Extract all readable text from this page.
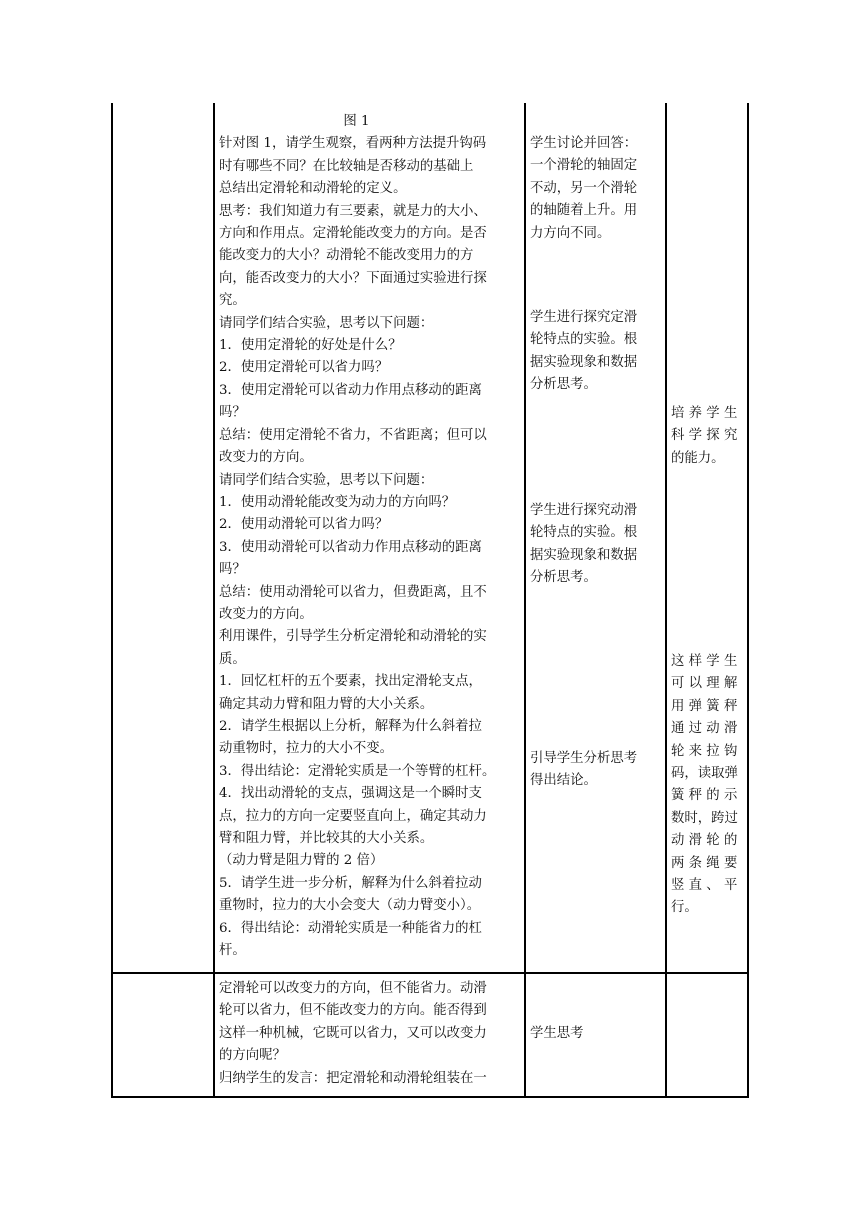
图 1
针对图 1，请学生观察，看两种方法提升钩码
时有哪些不同？在比较轴是否移动的基础上
总结出定滑轮和动滑轮的定义。
思考：我们知道力有三要素，就是力的大小、
方向和作用点。定滑轮能改变力的方向。是否
能改变力的大小？动滑轮不能改变用力的方
向，能否改变力的大小？下面通过实验进行探
究。
请同学们结合实验，思考以下问题：
1．使用定滑轮的好处是什么？
2．使用定滑轮可以省力吗？
3．使用定滑轮可以省动力作用点移动的距离
吗？
总结：使用定滑轮不省力，不省距离；但可以
改变力的方向。
请同学们结合实验，思考以下问题：
1．使用动滑轮能改变为动力的方向吗？
2．使用动滑轮可以省力吗？
3．使用动滑轮可以省动力作用点移动的距离
吗？
总结：使用动滑轮可以省力，但费距离，且不
改变力的方向。
利用课件，引导学生分析定滑轮和动滑轮的实
质。
1．回忆杠杆的五个要素，找出定滑轮支点，
确定其动力臂和阻力臂的大小关系。
2．请学生根据以上分析，解释为什么斜着拉
动重物时，拉力的大小不变。
3．得出结论：定滑轮实质是一个等臂的杠杆。
4．找出动滑轮的支点，强调这是一个瞬时支
点，拉力的方向一定要竖直向上，确定其动力
臂和阻力臂，并比较其的大小关系。
（动力臂是阻力臂的 2 倍）
5．请学生进一步分析，解释为什么斜着拉动
重物时，拉力的大小会变大（动力臂变小）。
6．得出结论：动滑轮实质是一种能省力的杠
杆。
学生讨论并回答：
一个滑轮的轴固定
不动，另一个滑轮
的轴随着上升。用
力方向不同。
学生进行探究定滑
轮特点的实验。根
据实验现象和数据
分析思考。
学生进行探究动滑
轮特点的实验。根
据实验现象和数据
分析思考。
引导学生分析思考
得出结论。
培 养 学 生
科 学 探 究
的能力。
这 样 学 生
可 以 理 解
用 弹 簧 秤
通 过 动 滑
轮 来 拉 钩
码，读取弹
簧 秤 的 示
数时，跨过
动 滑 轮 的
两 条 绳 要
竖 直 、 平
行。
定滑轮可以改变力的方向，但不能省力。动滑
轮可以省力，但不能改变力的方向。能否得到
这样一种机械，它既可以省力，又可以改变力
的方向呢？
归纳学生的发言：把定滑轮和动滑轮组装在一
学生思考
